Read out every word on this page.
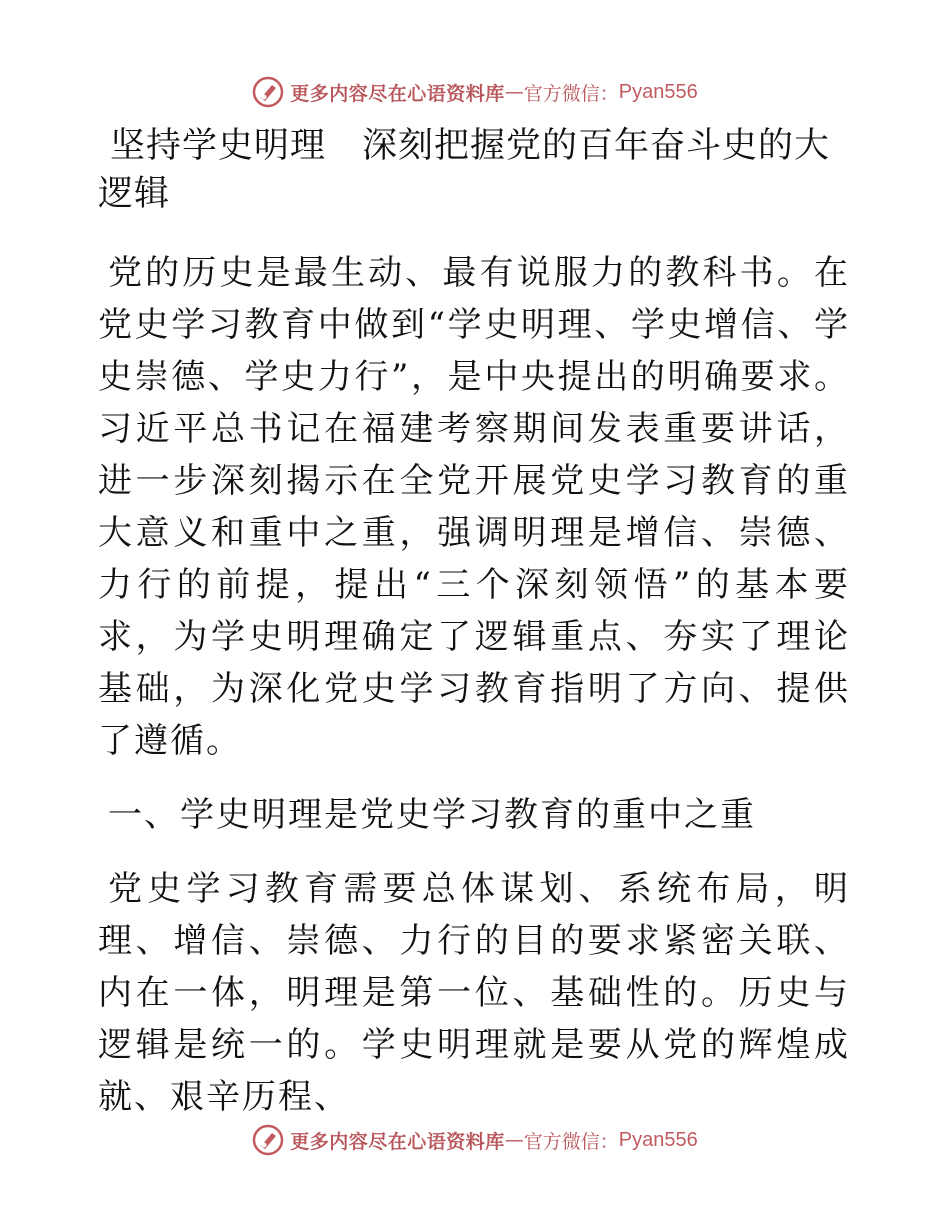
更多内容尽在心语资料库 — 官方微信： Pyan556
坚持学史明理　深刻把握党的百年奋斗史的大逻辑

党的历史是最生动、最有说服力的教科书。在党史学习教育中做到“学史明理、学史增信、学史崇德、学史力行”，是中央提出的明确要求。习近平总书记在福建考察期间发表重要讲话，进一步深刻揭示在全党开展党史学习教育的重大意义和重中之重，强调明理是增信、崇德、力行的前提，提出“三个深刻领悟”的基本要求，为学史明理确定了逻辑重点、夯实了理论基础，为深化党史学习教育指明了方向、提供了遵循。

一、学史明理是党史学习教育的重中之重

党史学习教育需要总体谋划、系统布局，明理、增信、崇德、力行的目的要求紧密关联、内在一体，明理是第一位、基础性的。历史与逻辑是统一的。学史明理就是要从党的辉煌成就、艰辛历程、

更多内容尽在心语资料库 — 官方微信： Pyan556
